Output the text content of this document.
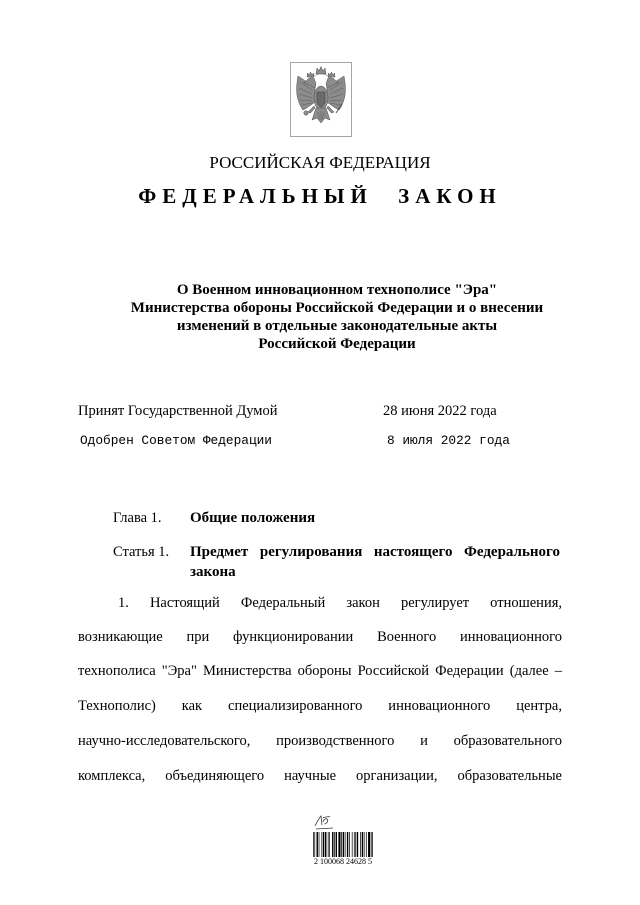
РОССИЙСКАЯ ФЕДЕРАЦИЯ
ФЕДЕРАЛЬНЫЙ ЗАКОН
О Военном инновационном технополисе "Эра"
Министерства обороны Российской Федерации и о внесении
изменений в отдельные законодательные акты
Российской Федерации
Принят Государственной Думой	28 июня 2022 года
Одобрен Советом Федерации	8 июля 2022 года
Глава 1. Общие положения
Статья 1. Предмет регулирования настоящего Федерального
закона
1. Настоящий Федеральный закон регулирует отношения,
возникающие при функционировании Военного инновационного
технополиса "Эра" Министерства обороны Российской Федерации (далее –
Технополис) как специализированного инновационного центра,
научно-исследовательского, производственного и образовательного
комплекса, объединяющего научные организации, образовательные
2 100068 24628 5
